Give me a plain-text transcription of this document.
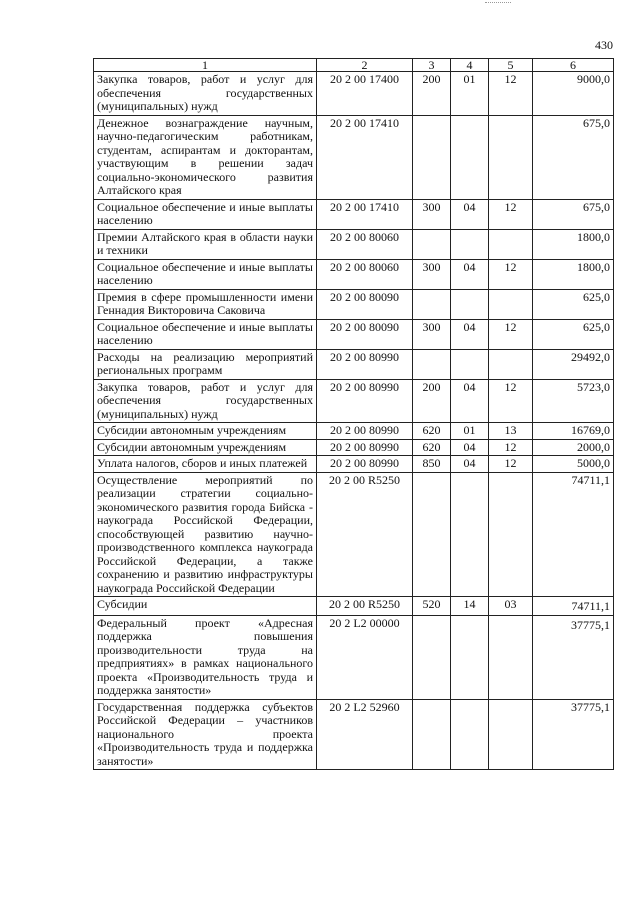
430
1	2	3	4	5	6
Закупка товаров, работ и услуг для обеспечения государственных (муниципальных) нужд	20 2 00 17400	200	01	12	9000,0
Денежное вознаграждение научным, научно-педагогическим работникам, студентам, аспирантам и докторантам, участвующим в решении задач социально-экономического развития Алтайского края	20 2 00 17410				675,0
Социальное обеспечение и иные выплаты населению	20 2 00 17410	300	04	12	675,0
Премии Алтайского края в области науки и техники	20 2 00 80060				1800,0
Социальное обеспечение и иные выплаты населению	20 2 00 80060	300	04	12	1800,0
Премия в сфере промышленности имени Геннадия Викторовича Саковича	20 2 00 80090				625,0
Социальное обеспечение и иные выплаты населению	20 2 00 80090	300	04	12	625,0
Расходы на реализацию мероприятий региональных программ	20 2 00 80990				29492,0
Закупка товаров, работ и услуг для обеспечения государственных (муниципальных) нужд	20 2 00 80990	200	04	12	5723,0
Субсидии автономным учреждениям	20 2 00 80990	620	01	13	16769,0
Субсидии автономным учреждениям	20 2 00 80990	620	04	12	2000,0
Уплата налогов, сборов и иных платежей	20 2 00 80990	850	04	12	5000,0
Осуществление мероприятий по реализации стратегии социально-экономического развития города Бийска - наукограда Российской Федерации, способствующей развитию научно-производственного комплекса наукограда Российской Федерации, а также сохранению и развитию инфраструктуры наукограда Российской Федерации	20 2 00 R5250				74711,1
Субсидии	20 2 00 R5250	520	14	03	74711,1
Федеральный проект «Адресная поддержка повышения производительности труда на предприятиях» в рамках национального проекта «Производительность труда и поддержка занятости»	20 2 L2 00000				37775,1
Государственная поддержка субъектов Российской Федерации – участников национального проекта «Производительность труда и поддержка занятости»	20 2 L2 52960				37775,1
